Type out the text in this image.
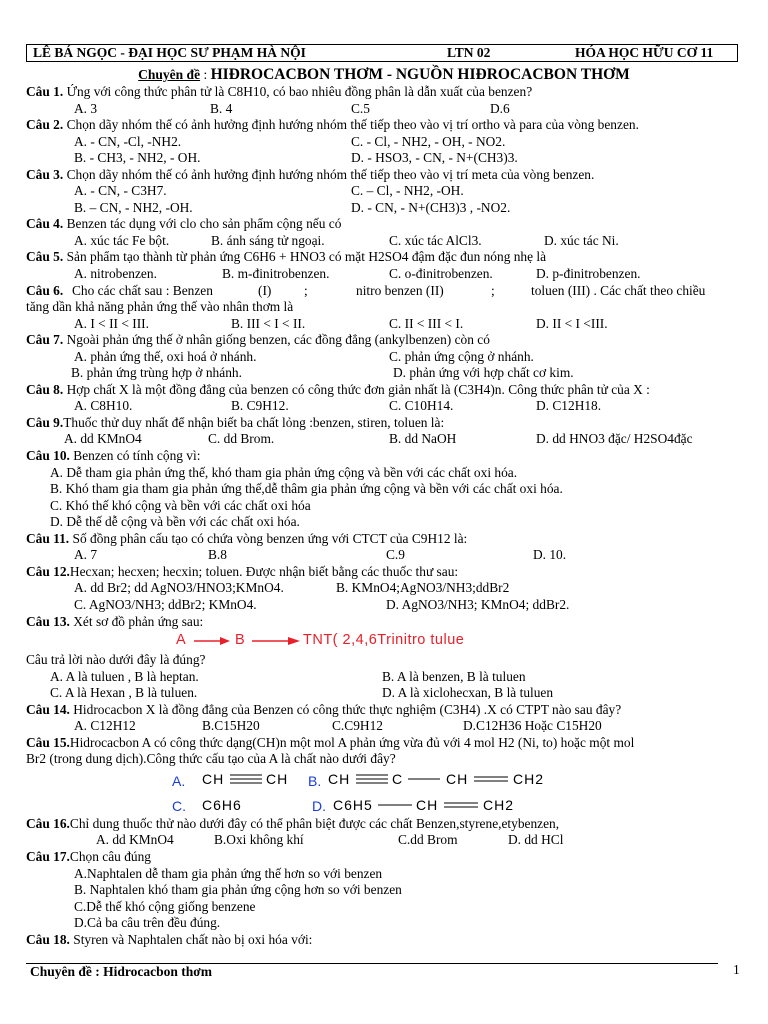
LÊ BÁ NGỌC - ĐẠI HỌC SƯ PHẠM HÀ NỘI	LTN 02	HÓA HỌC HỮU CƠ 11
Chuyên đề : HIĐROCACBON THƠM - NGUỒN HIĐROCACBON THƠM
Câu 1. Ứng với công thức phân tử là C8H10, có bao nhiêu đồng phân là dẫn xuất của benzen?
A. 3	B. 4	C.5	D.6
Câu 2. Chọn dãy nhóm thế có ảnh hưởng định hướng nhóm thế tiếp theo vào vị trí ortho và para của vòng benzen.
A. - CN, -Cl, -NH2.	C. - Cl, - NH2, - OH, - NO2.
B. - CH3, - NH2, - OH.	D. - HSO3, - CN, - N+(CH3)3.
Câu 3. Chọn dãy nhóm thế có ảnh hưởng định hướng nhóm thế tiếp theo vào vị trí meta của vòng benzen.
A. - CN, - C3H7.	C. – Cl, - NH2, -OH.
B. – CN, - NH2, -OH.	D. - CN, - N+(CH3)3 , -NO2.
Câu 4. Benzen tác dụng với clo cho sản phẩm cộng nếu có
A. xúc tác Fe bột.	B. ánh sáng tử ngoại.	C. xúc tác AlCl3.	D. xúc tác Ni.
Câu 5. Sản phẩm tạo thành từ phản ứng C6H6 + HNO3 có mặt H2SO4 đậm đặc đun nóng nhẹ là
A. nitrobenzen.	B. m-đinitrobenzen.	C. o-đinitrobenzen.	D. p-đinitrobenzen.
Câu 6. Cho các chất sau : Benzen	(I) ;	nitro benzen (II)	;	toluen (III) . Các chất theo chiều
tăng dần khả năng phản ứng thế vào nhân thơm là
A. I < II < III.	B. III < I < II.	C. II < III < I.	D. II < I <III.
Câu 7. Ngoài phản ứng thế ở nhân giống benzen, các đồng đẳng (ankylbenzen) còn có
A. phản ứng thế, oxi hoá ở nhánh.	C. phản ứng cộng ở nhánh.
B. phản ứng trùng hợp ở nhánh.	D. phản ứng với hợp chất cơ kim.
Câu 8. Hợp chất X là một đồng đẳng của benzen có công thức đơn giản nhất là (C3H4)n. Công thức phân tử của X :
A. C8H10.	B. C9H12.	C. C10H14.	D. C12H18.
Câu 9.Thuốc thử duy nhất để nhận biết ba chất lỏng :benzen, stiren, toluen là:
A. dd KMnO4	C. dd Brom.	B. dd NaOH	D. dd HNO3 đặc/ H2SO4đặc
Câu 10. Benzen có tính cộng vì:
A. Dễ tham gia phản ứng thế, khó tham gia phản ứng cộng và bền với các chất oxi hóa.
B. Khó tham gia tham gia phản ứng thế,dễ thâm gia phản ứng cộng và bền với các chất oxi hóa.
C. Khó thế khó cộng và bền với các chất oxi hóa
D. Dễ thế dễ cộng và bền với các chất oxi hóa.
Câu 11. Số đồng phân cấu tạo có chứa vòng benzen ứng với CTCT của C9H12 là:
A. 7	B.8	C.9	D. 10.
Câu 12.Hecxan; hecxen; hecxin; toluen. Được nhận biết bằng các thuốc thư sau:
A. dd Br2; dd AgNO3/HNO3;KMnO4.	B. KMnO4;AgNO3/NH3;ddBr2
C. AgNO3/NH3; ddBr2; KMnO4.	D. AgNO3/NH3; KMnO4; ddBr2.
Câu 13. Xét sơ đồ phản ứng sau:
A	B	TNT( 2,4,6Trinitro tulue
Câu trả lời nào dưới đây là đúng?
A. A là tuluen , B là heptan.	B. A là benzen, B là tuluen
C. A là Hexan , B là tuluen.	D. A là xiclohecxan, B là tuluen
Câu 14. Hidrocacbon X là đồng đẳng của Benzen có công thức thực nghiệm (C3H4) .X có CTPT nào sau đây?
A. C12H12	B.C15H20	C.C9H12	D.C12H36 Hoặc C15H20
Câu 15.Hidrocacbon A có công thức dạng(CH)n một mol A phản ứng vừa đủ với 4 mol H2 (Ni, to) hoặc một mol
Br2 (trong dung dịch).Công thức cấu tạo của A là chất nào dưới đây?
A. CH	CH B. CH	C	CH	CH2
C. C6H6	D. C6H5	CH	CH2
Câu 16.Chỉ dung thuốc thử nào dưới đây có thể phân biệt được các chất Benzen,styrene,etybenzen,
A. dd KMnO4	B.Oxi không khí	C.dd Brom	D. dd HCl
Câu 17.Chọn câu đúng
A.Naphtalen dễ tham gia phản ứng thế hơn so với benzen
B. Naphtalen khó tham gia phản ứng cộng hơn so với benzen
C.Dễ thế khó cộng giống benzene
D.Cả ba câu trên đều đúng.
Câu 18. Styren và Naphtalen chất nào bị oxi hóa với:
Chuyên đề : Hidrocacbon thơm	1
